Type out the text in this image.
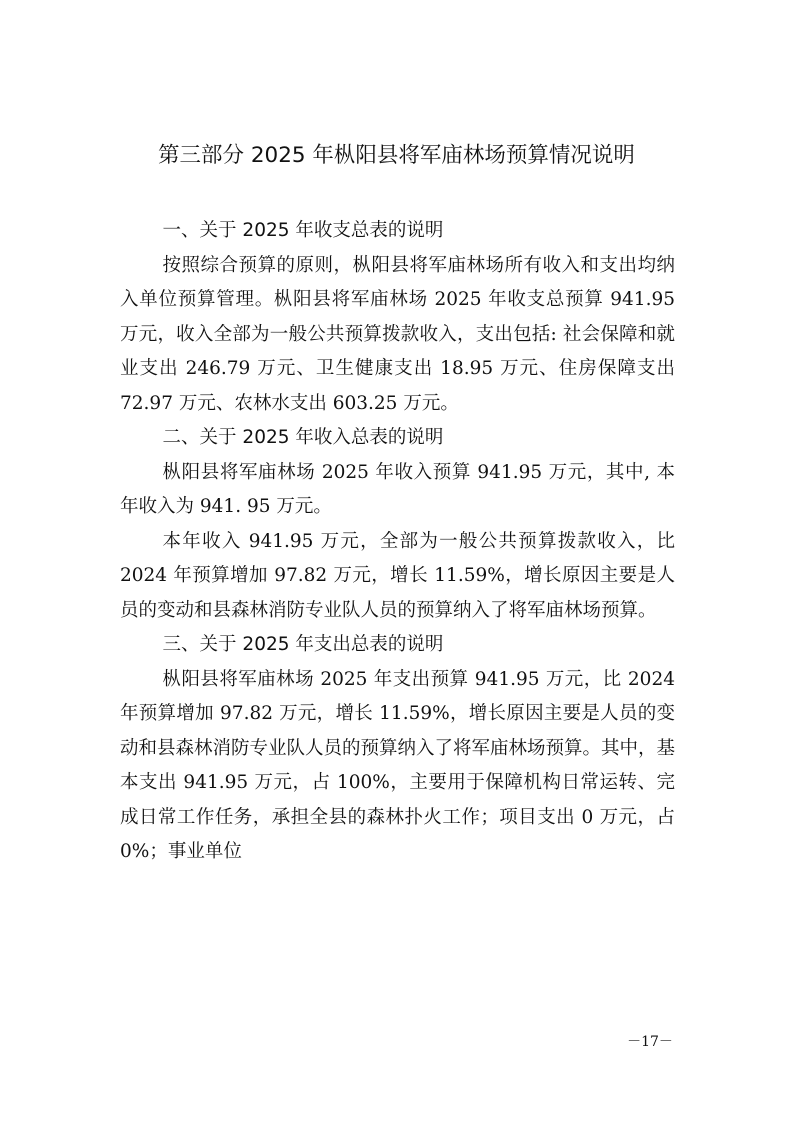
第三部分 2025 年枞阳县将军庙林场预算情况说明
一、关于 2025 年收支总表的说明

按照综合预算的原则，枞阳县将军庙林场所有收入和支出均纳入单位预算管理。枞阳县将军庙林场 2025 年收支总预算 941.95 万元，收入全部为一般公共预算拨款收入，支出包括: 社会保障和就业支出 246.79 万元、卫生健康支出 18.95 万元、住房保障支出 72.97 万元、农林水支出 603.25 万元。

二、关于 2025 年收入总表的说明

枞阳县将军庙林场 2025 年收入预算 941.95 万元，其中, 本年收入为 941. 95 万元。

本年收入 941.95 万元，全部为一般公共预算拨款收入，比 2024 年预算增加 97.82 万元，增长 11.59%，增长原因主要是人员的变动和县森林消防专业队人员的预算纳入了将军庙林场预算。

三、关于 2025 年支出总表的说明

枞阳县将军庙林场 2025 年支出预算 941.95 万元，比 2024 年预算增加 97.82 万元，增长 11.59%，增长原因主要是人员的变动和县森林消防专业队人员的预算纳入了将军庙林场预算。其中，基本支出 941.95 万元，占 100%，主要用于保障机构日常运转、完成日常工作任务，承担全县的森林扑火工作；项目支出 0 万元，占 0%；事业单位

－17－
